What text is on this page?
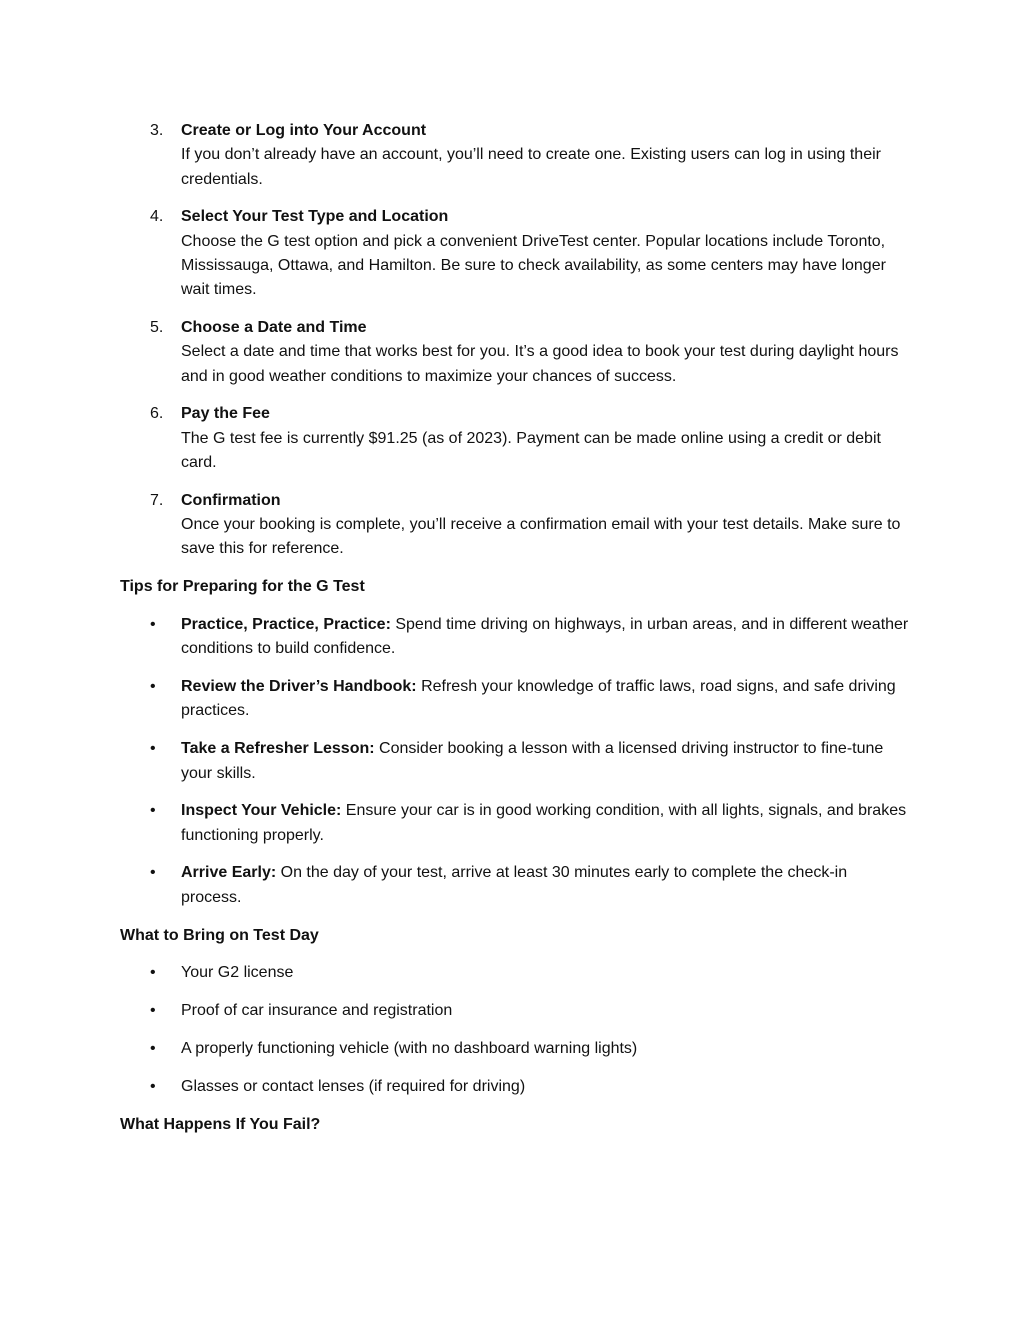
3. Create or Log into Your Account
If you don’t already have an account, you’ll need to create one. Existing users can log in using their credentials.
4. Select Your Test Type and Location
Choose the G test option and pick a convenient DriveTest center. Popular locations include Toronto, Mississauga, Ottawa, and Hamilton. Be sure to check availability, as some centers may have longer wait times.
5. Choose a Date and Time
Select a date and time that works best for you. It’s a good idea to book your test during daylight hours and in good weather conditions to maximize your chances of success.
6. Pay the Fee
The G test fee is currently $91.25 (as of 2023). Payment can be made online using a credit or debit card.
7. Confirmation
Once your booking is complete, you’ll receive a confirmation email with your test details. Make sure to save this for reference.
Tips for Preparing for the G Test
• Practice, Practice, Practice: Spend time driving on highways, in urban areas, and in different weather conditions to build confidence.
• Review the Driver’s Handbook: Refresh your knowledge of traffic laws, road signs, and safe driving practices.
• Take a Refresher Lesson: Consider booking a lesson with a licensed driving instructor to fine-tune your skills.
• Inspect Your Vehicle: Ensure your car is in good working condition, with all lights, signals, and brakes functioning properly.
• Arrive Early: On the day of your test, arrive at least 30 minutes early to complete the check-in process.
What to Bring on Test Day
• Your G2 license
• Proof of car insurance and registration
• A properly functioning vehicle (with no dashboard warning lights)
• Glasses or contact lenses (if required for driving)
What Happens If You Fail?
